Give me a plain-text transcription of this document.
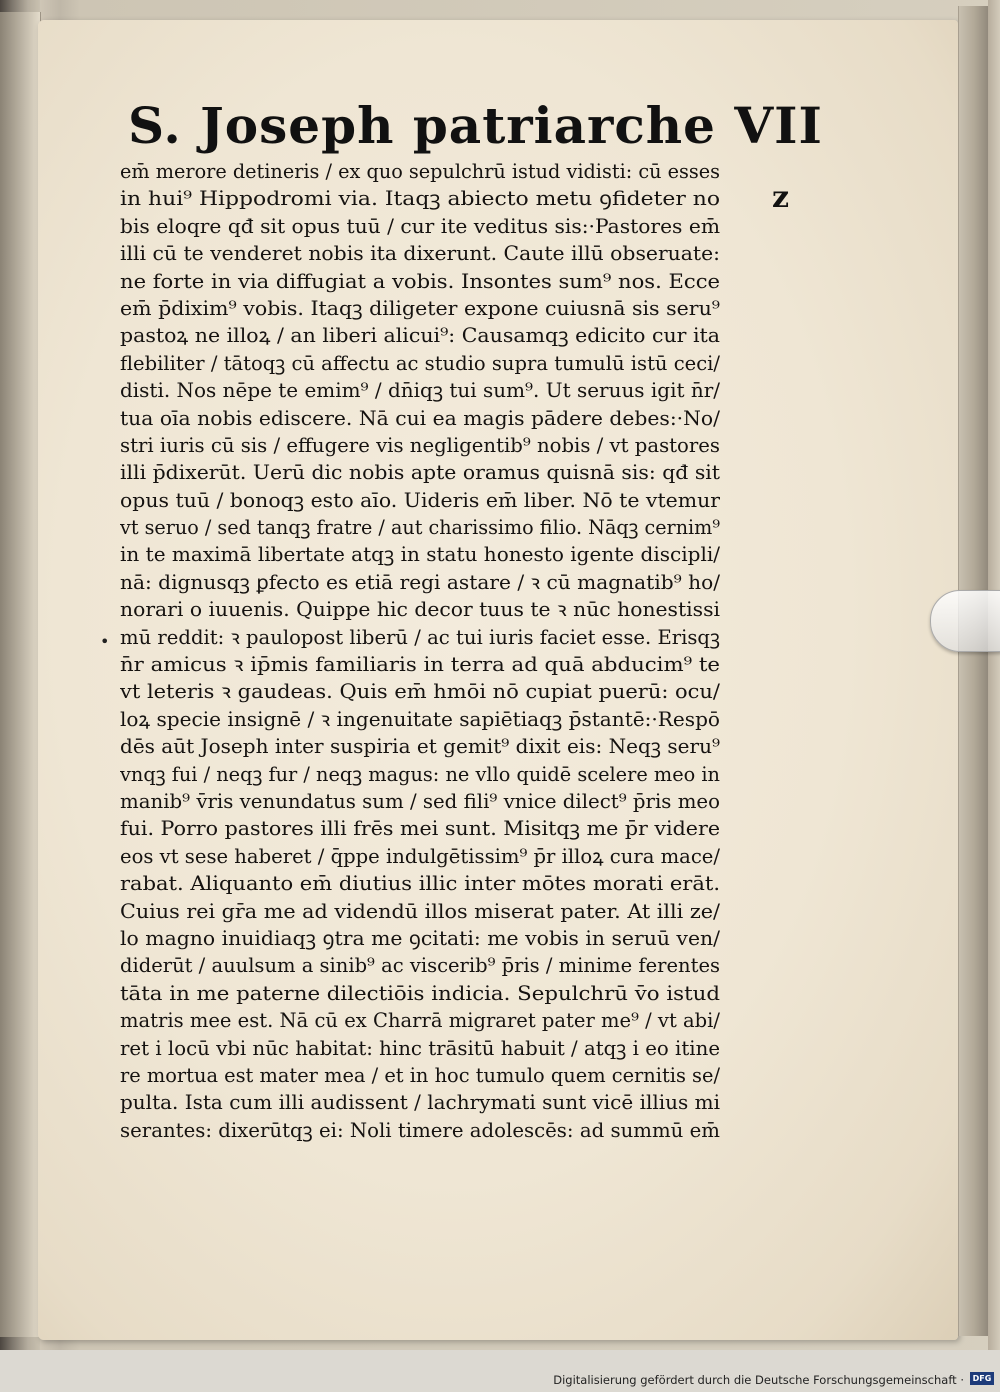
S. Joseph patriarche VII
z
•
em̄ merore detineris / ex quo sepulchrū istud vidisti: cū esses
in hui⁹ Hippodromi via. Itaqꝫ abiecto metu ꝯfideter no
bis eloqre qđ sit opus tuū / cur ite veditus sis:·Pastores em̄
illi cū te venderet nobis ita dixerunt. Caute illū obseruate:
ne forte in via diffugiat a vobis. Insontes sum⁹ nos. Ecce
em̄ p̄dixim⁹ vobis. Itaqꝫ diligeter expone cuiusnā sis seru⁹
pastoꝝ ne illoꝝ / an liberi alicui⁹: Causamqꝫ edicito cur ita
flebiliter / tātoqꝫ cū affectu ac studio supra tumulū istū ceci/
disti. Nos nēpe te emim⁹ / dn̄iqꝫ tui sum⁹. Ut seruus igit n̄r/
tua oīa nobis ediscere. Nā cui ea magis pādere debes:·No/
stri iuris cū sis / effugere vis negligentib⁹ nobis / vt pastores
illi p̄dixerūt. Uerū dic nobis apte oramus quisnā sis: qđ sit
opus tuū / bonoqꝫ esto aīo. Uideris em̄ liber. Nō te vtemur
vt seruo / sed tanqꝫ fratre / aut charissimo filio. Nāqꝫ cernim⁹
in te maximā libertate atqꝫ in statu honesto igente discipli/
nā: dignusqꝫ ꝑfecto es etiā regi astare / ꝛ cū magnatib⁹ ho/
norari o iuuenis. Quippe hic decor tuus te ꝛ nūc honestissi
mū reddit: ꝛ paulopost liberū / ac tui iuris faciet esse. Erisqꝫ
n̄r amicus ꝛ ip̄mis familiaris in terra ad quā abducim⁹ te
vt leteris ꝛ gaudeas. Quis em̄ hmōi nō cupiat puerū: ocu/
loꝝ specie insignē / ꝛ ingenuitate sapiētiaqꝫ p̄stantē:·Respō
dēs aūt Joseph inter suspiria et gemit⁹ dixit eis: Neqꝫ seru⁹
vnqꝫ fui / neqꝫ fur / neqꝫ magus: ne vllo quidē scelere meo in
manib⁹ v̄ris venundatus sum / sed fili⁹ vnice dilect⁹ p̄ris meo
fui. Porro pastores illi frēs mei sunt. Misitqꝫ me p̄r videre
eos vt sese haberet / q̄ppe indulgētissim⁹ p̄r illoꝝ cura mace/
rabat. Aliquanto em̄ diutius illic inter mōtes morati erāt.
Cuius rei gr̄a me ad videndū illos miserat pater. At illi ze/
lo magno inuidiaqꝫ ꝯtra me ꝯcitati: me vobis in seruū ven/
diderūt / auulsum a sinib⁹ ac viscerib⁹ p̄ris / minime ferentes
tāta in me paterne dilectiōis indicia. Sepulchrū v̄o istud
matris mee est. Nā cū ex Charrā migraret pater me⁹ / vt abi/
ret i locū vbi nūc habitat: hinc trāsitū habuit / atqꝫ i eo itine
re mortua est mater mea / et in hoc tumulo quem cernitis se/
pulta. Ista cum illi audissent / lachrymati sunt vicē illius mi
serantes: dixerūtqꝫ ei: Noli timere adolescēs: ad summū em̄
Digitalisierung gefördert durch die Deutsche Forschungsgemeinschaft ·	DFG
